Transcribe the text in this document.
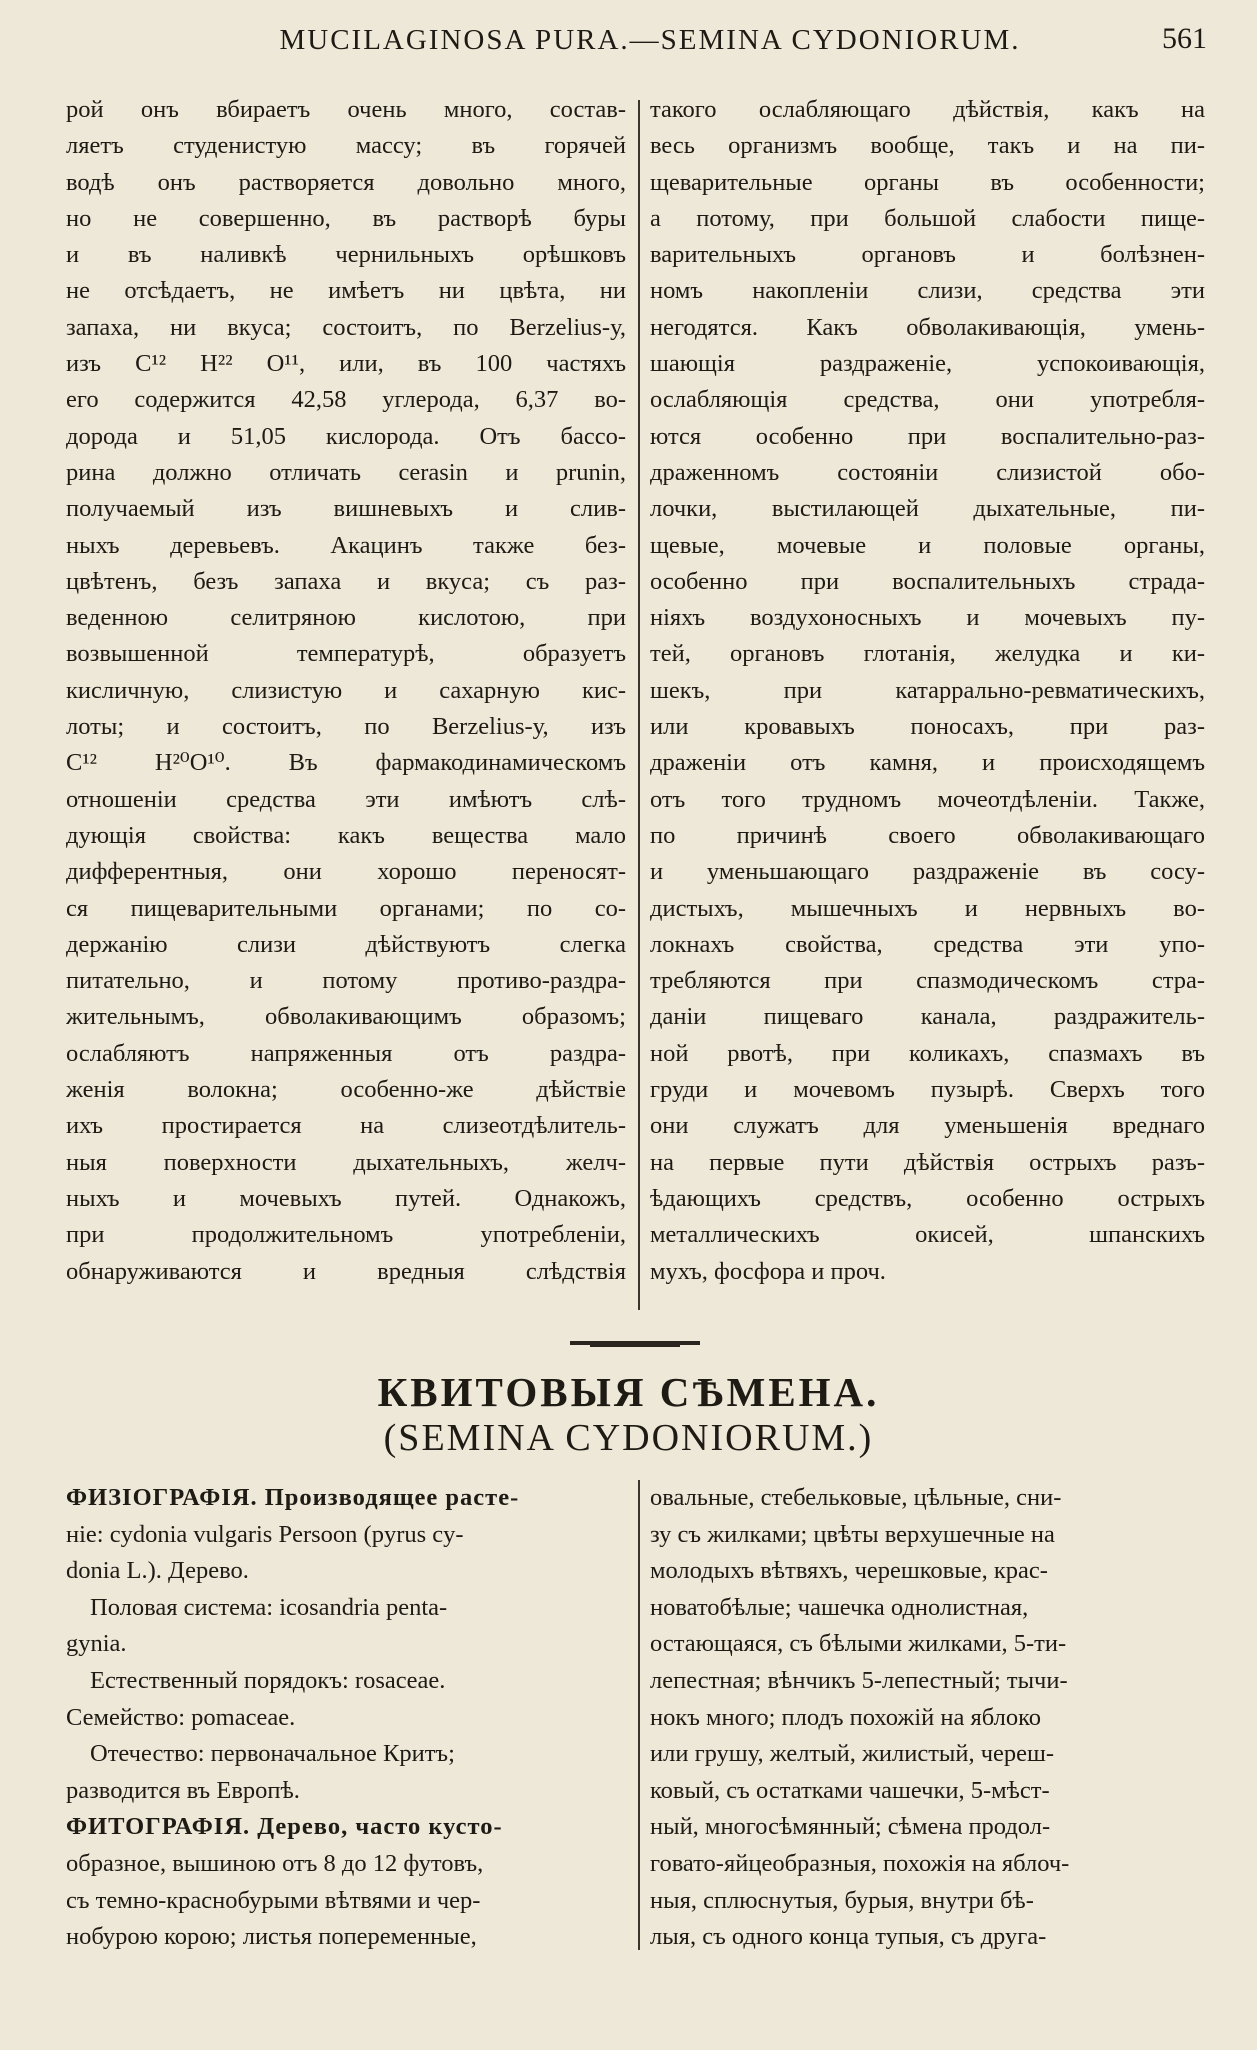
MUCILAGINOSA PURA.—SEMINA CYDONIORUM.	561
рой онъ вбираетъ очень много, состав-
ляетъ студенистую массу; въ горячей
водѣ онъ растворяется довольно много,
но не совершенно, въ растворѣ буры
и въ наливкѣ чернильныхъ орѣшковъ
не отсѣдаетъ, не имѣетъ ни цвѣта, ни
запаха, ни вкуса; состоитъ, по Berzelius-у,
изъ C¹² H²² O¹¹, или, въ 100 частяхъ
его содержится 42,58 углерода, 6,37 во-
дорода и 51,05 кислорода. Отъ бассо-
рина должно отличать cerasin и prunin,
получаемый изъ вишневыхъ и слив-
ныхъ деревьевъ. Акацинъ также без-
цвѣтенъ, безъ запаха и вкуса; съ раз-
веденною селитряною кислотою, при
возвышенной температурѣ, образуетъ
кисличную, слизистую и сахарную кис-
лоты; и состоитъ, по Berzelius-у, изъ
C¹² H²⁰O¹⁰. Въ фармакодинамическомъ
отношеніи средства эти имѣютъ слѣ-
дующія свойства: какъ вещества мало
дифферентныя, они хорошо переносят-
ся пищеварительными органами; по со-
держанію слизи дѣйствуютъ слегка
питательно, и потому противо-раздра-
жительнымъ, обволакивающимъ образомъ;
ослабляютъ напряженныя отъ раздра-
женія волокна; особенно-же дѣйствіе
ихъ простирается на слизеотдѣлитель-
ныя поверхности дыхательныхъ, желч-
ныхъ и мочевыхъ путей. Однакожъ,
при продолжительномъ употребленіи,
обнаруживаются и вредныя слѣдствія
такого ослабляющаго дѣйствія, какъ на
весь организмъ вообще, такъ и на пи-
щеварительные органы въ особенности;
а потому, при большой слабости пище-
варительныхъ органовъ и болѣзнен-
номъ накопленіи слизи, средства эти
негодятся. Какъ обволакивающія, умень-
шающія раздраженіе, успокоивающія,
ослабляющія средства, они употребля-
ются особенно при воспалительно-раз-
драженномъ состояніи слизистой обо-
лочки, выстилающей дыхательные, пи-
щевые, мочевые и половые органы,
особенно при воспалительныхъ страда-
ніяхъ воздухоносныхъ и мочевыхъ пу-
тей, органовъ глотанія, желудка и ки-
шекъ, при катаррально-ревматическихъ,
или кровавыхъ поносахъ, при раз-
драженіи отъ камня, и происходящемъ
отъ того трудномъ мочеотдѣленіи. Также,
по причинѣ своего обволакивающаго
и уменьшающаго раздраженіе въ сосу-
дистыхъ, мышечныхъ и нервныхъ во-
локнахъ свойства, средства эти упо-
требляются при спазмодическомъ стра-
даніи пищеваго канала, раздражитель-
ной рвотѣ, при коликахъ, спазмахъ въ
груди и мочевомъ пузырѣ. Сверхъ того
они служатъ для уменьшенія вреднаго
на первые пути дѣйствія острыхъ разъ-
ѣдающихъ средствъ, особенно острыхъ
металлическихъ окисей, шпанскихъ
мухъ, фосфора и проч.
КВИТОВЫЯ СѢМЕНА.
(SEMINA CYDONIORUM.)
ФИЗІОГРАФІЯ. Производящее расте-
ніе: cydonia vulgaris Persoon (pyrus cy-
donia L.). Дерево.
Половая система: icosandria penta-
gynia.
Естественный порядокъ: rosaceae.
Семейство: pomaceae.
Отечество: первоначальное Критъ;
разводится въ Европѣ.
ФИТОГРАФІЯ. Дерево, часто кусто-
образное, вышиною отъ 8 до 12 футовъ,
съ темно-краснобурыми вѣтвями и чер-
нобурою корою; листья попеременные,
овальные, стебельковые, цѣльные, сни-
зу съ жилками; цвѣты верхушечные на
молодыхъ вѣтвяхъ, черешковые, крас-
новатобѣлые; чашечка однолистная,
остающаяся, съ бѣлыми жилками, 5-ти-
лепестная; вѣнчикъ 5-лепестный; тычи-
нокъ много; плодъ похожій на яблоко
или грушу, желтый, жилистый, череш-
ковый, съ остатками чашечки, 5-мѣст-
ный, многосѣмянный; сѣмена продол-
говато-яйцеобразныя, похожія на яблоч-
ныя, сплюснутыя, бурыя, внутри бѣ-
лыя, съ одного конца тупыя, съ друга-
